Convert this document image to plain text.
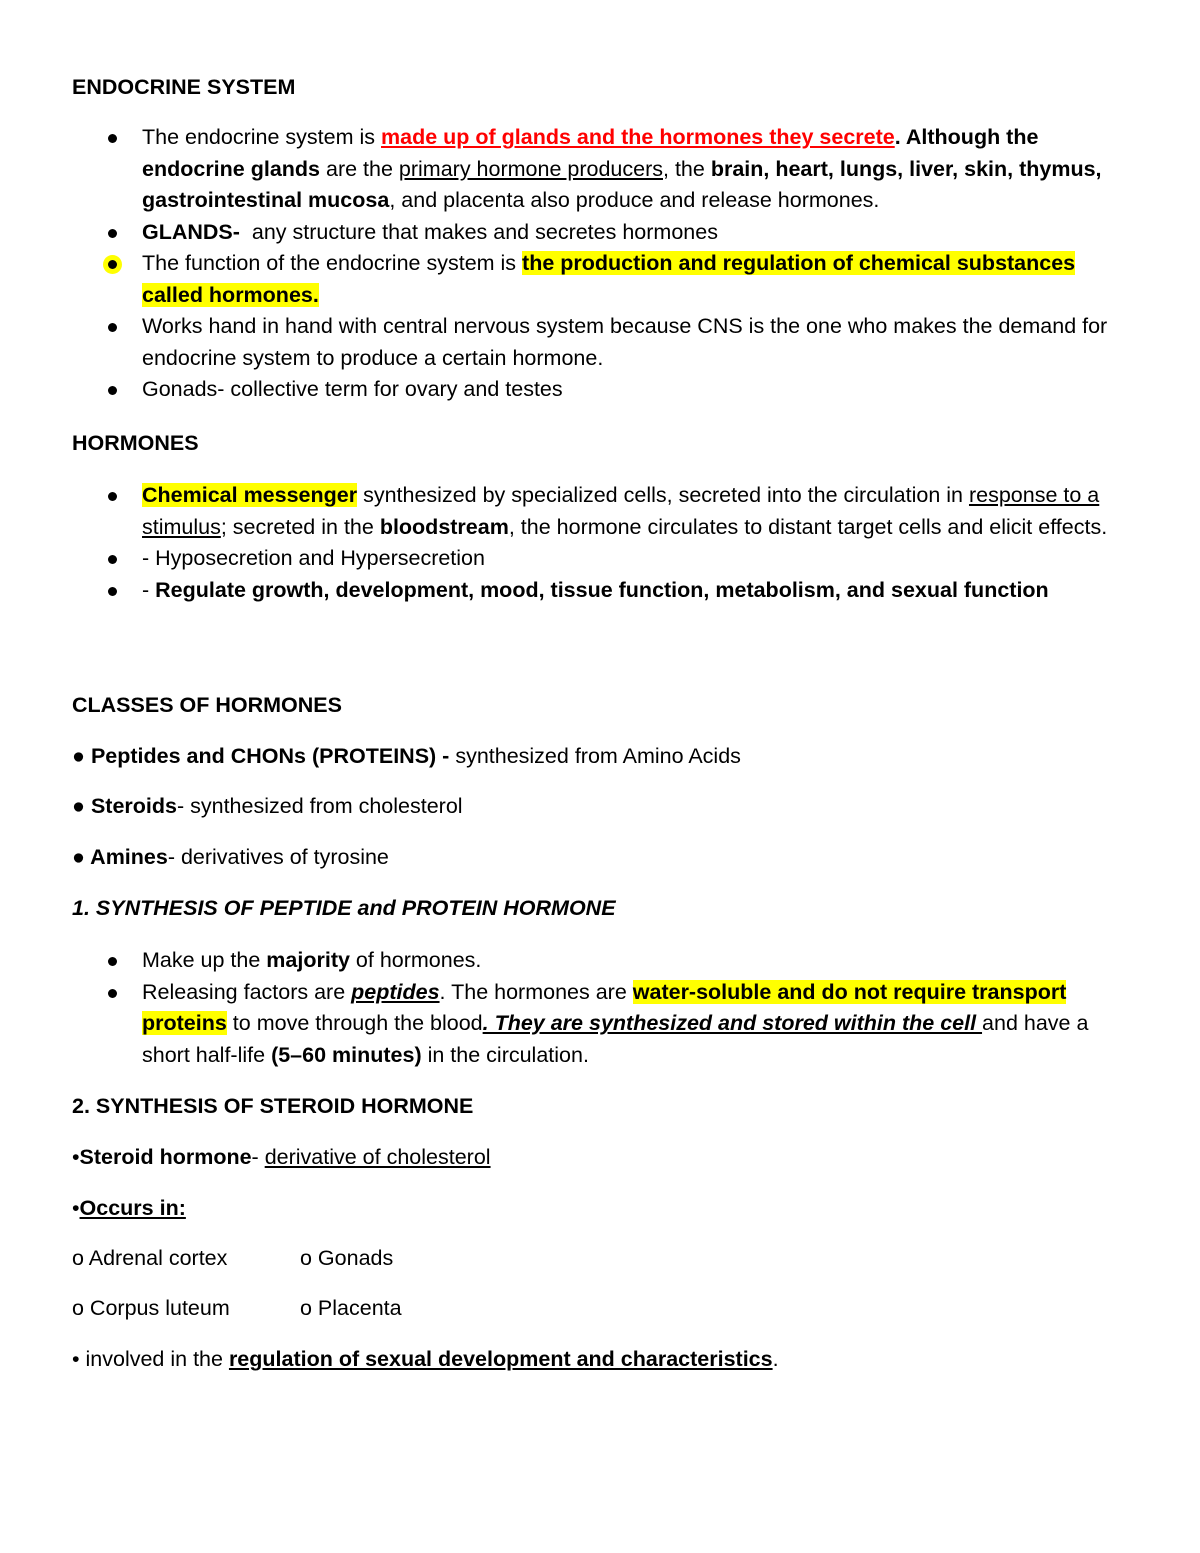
ENDOCRINE SYSTEM
The endocrine system is made up of glands and the hormones they secrete. Although the endocrine glands are the primary hormone producers, the brain, heart, lungs, liver, skin, thymus, gastrointestinal mucosa, and placenta also produce and release hormones.
GLANDS-  any structure that makes and secretes hormones
The function of the endocrine system is the production and regulation of chemical substances called hormones.
Works hand in hand with central nervous system because CNS is the one who makes the demand for endocrine system to produce a certain hormone.
Gonads- collective term for ovary and testes
HORMONES
Chemical messenger synthesized by specialized cells, secreted into the circulation in response to a stimulus; secreted in the bloodstream, the hormone circulates to distant target cells and elicit effects.
- Hyposecretion and Hypersecretion
- Regulate growth, development, mood, tissue function, metabolism, and sexual function
CLASSES OF HORMONES
● Peptides and CHONs (PROTEINS) - synthesized from Amino Acids
● Steroids- synthesized from cholesterol
● Amines- derivatives of tyrosine
1. SYNTHESIS OF PEPTIDE and PROTEIN HORMONE
Make up the majority of hormones.
Releasing factors are peptides. The hormones are water-soluble and do not require transport proteins to move through the blood. They are synthesized and stored within the cell and have a short half-life (5–60 minutes) in the circulation.
2. SYNTHESIS OF STEROID HORMONE
•Steroid hormone- derivative of cholesterol
•Occurs in:
o Adrenal cortex	o Gonads
o Corpus luteum	o Placenta
• involved in the regulation of sexual development and characteristics.
